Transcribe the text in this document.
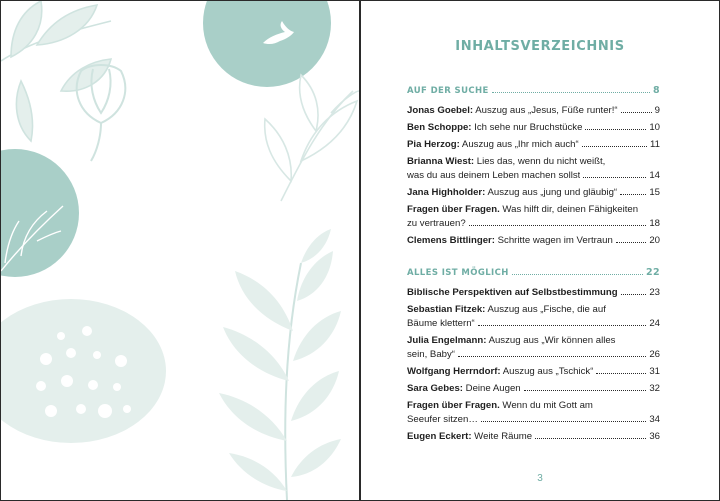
INHALTSVERZEICHNIS
AUF DER SUCHE	8
Jonas Goebel: Auszug aus „Jesus, Füße runter!“	9
Ben Schoppe: Ich sehe nur Bruchstücke	10
Pia Herzog: Auszug aus „Ihr mich auch“	11
Brianna Wiest: Lies das, wenn du nicht weißt,
was du aus deinem Leben machen sollst	14
Jana Highholder: Auszug aus „jung und gläubig“	15
Fragen über Fragen. Was hilft dir, deinen Fähigkeiten
zu vertrauen?	18
Clemens Bittlinger: Schritte wagen im Vertraun	20
ALLES IST MÖGLICH	22
Biblische Perspektiven auf Selbstbestimmung	23
Sebastian Fitzek: Auszug aus „Fische, die auf
Bäume klettern“	24
Julia Engelmann: Auszug aus „Wir können alles
sein, Baby“	26
Wolfgang Herrndorf: Auszug aus „Tschick“	31
Sara Gebes: Deine Augen	32
Fragen über Fragen. Wenn du mit Gott am
Seeufer sitzen…	34
Eugen Eckert: Weite Räume	36
3
